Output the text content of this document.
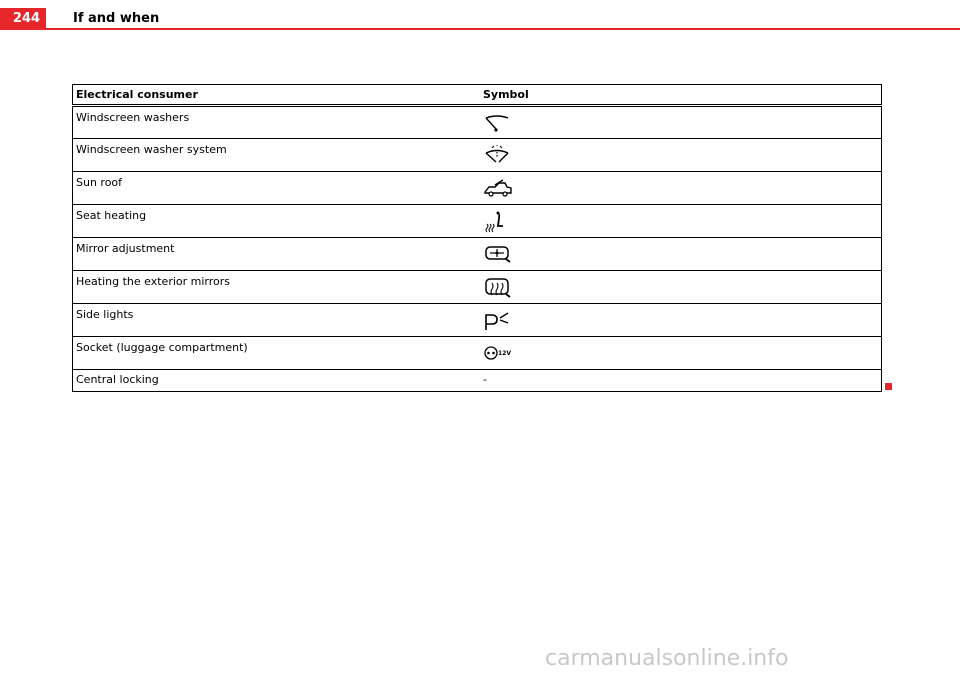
244	If and when
Electrical consumer	Symbol
Windscreen washers	
Windscreen washer system	
Sun roof	
Seat heating	
Mirror adjustment	
Heating the exterior mirrors	
Side lights	
Socket (luggage compartment)	12V

Central locking	-
carmanualsonline.info
